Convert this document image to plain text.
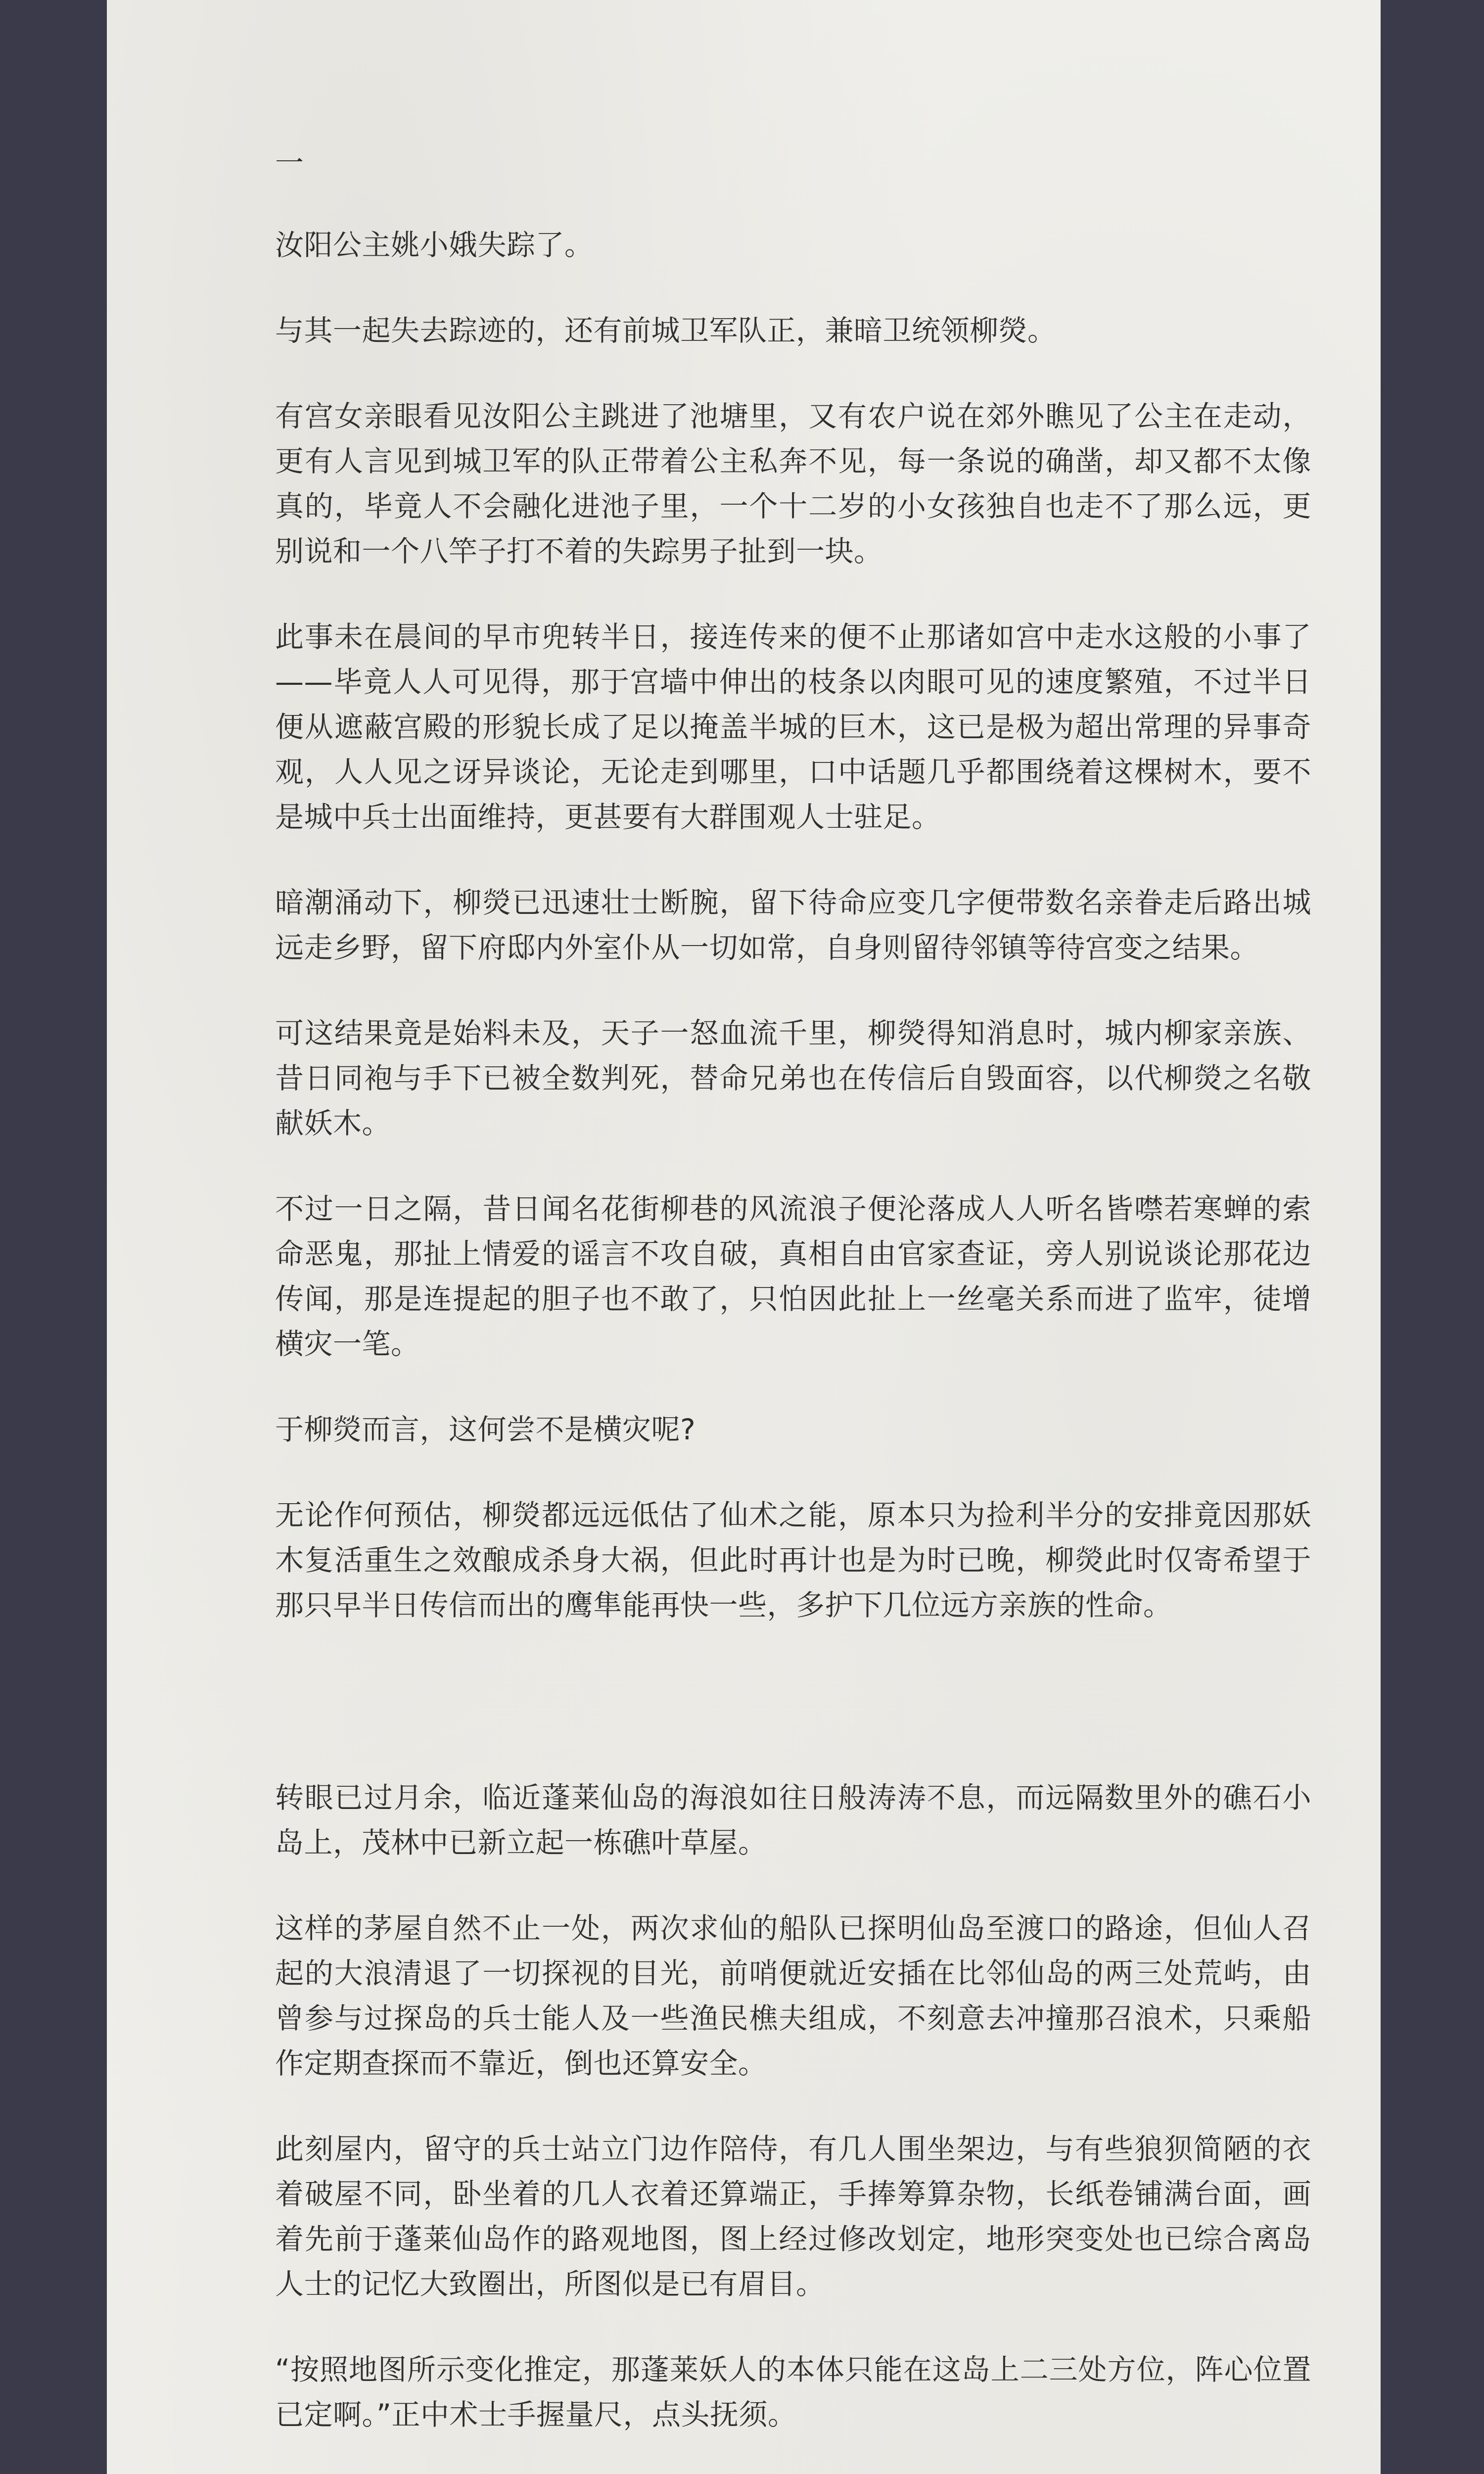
一

汝阳公主姚小娥失踪了。

与其一起失去踪迹的，还有前城卫军队正，兼暗卫统领柳熒。

有宫女亲眼看见汝阳公主跳进了池塘里，又有农户说在郊外瞧见了公主在走动，更有人言见到城卫军的队正带着公主私奔不见，每一条说的确凿，却又都不太像真的，毕竟人不会融化进池子里，一个十二岁的小女孩独自也走不了那么远，更别说和一个八竿子打不着的失踪男子扯到一块。

此事未在晨间的早市兜转半日，接连传来的便不止那诸如宫中走水这般的小事了——毕竟人人可见得，那于宫墙中伸出的枝条以肉眼可见的速度繁殖，不过半日便从遮蔽宫殿的形貌长成了足以掩盖半城的巨木，这已是极为超出常理的异事奇观，人人见之讶异谈论，无论走到哪里，口中话题几乎都围绕着这棵树木，要不是城中兵士出面维持，更甚要有大群围观人士驻足。

暗潮涌动下，柳熒已迅速壮士断腕，留下待命应变几字便带数名亲眷走后路出城远走乡野，留下府邸内外室仆从一切如常，自身则留待邻镇等待宫变之结果。

可这结果竟是始料未及，天子一怒血流千里，柳熒得知消息时，城内柳家亲族、昔日同袍与手下已被全数判死，替命兄弟也在传信后自毁面容，以代柳熒之名敬献妖木。

不过一日之隔，昔日闻名花街柳巷的风流浪子便沦落成人人听名皆噤若寒蝉的索命恶鬼，那扯上情爱的谣言不攻自破，真相自由官家查证，旁人别说谈论那花边传闻，那是连提起的胆子也不敢了，只怕因此扯上一丝毫关系而进了监牢，徒增横灾一笔。

于柳熒而言，这何尝不是横灾呢?

无论作何预估，柳熒都远远低估了仙术之能，原本只为捡利半分的安排竟因那妖木复活重生之效酿成杀身大祸，但此时再计也是为时已晚，柳熒此时仅寄希望于那只早半日传信而出的鹰隼能再快一些，多护下几位远方亲族的性命。

转眼已过月余，临近蓬莱仙岛的海浪如往日般涛涛不息，而远隔数里外的礁石小岛上，茂林中已新立起一栋礁叶草屋。

这样的茅屋自然不止一处，两次求仙的船队已探明仙岛至渡口的路途，但仙人召起的大浪清退了一切探视的目光，前哨便就近安插在比邻仙岛的两三处荒屿，由曾参与过探岛的兵士能人及一些渔民樵夫组成，不刻意去冲撞那召浪术，只乘船作定期查探而不靠近，倒也还算安全。

此刻屋内，留守的兵士站立门边作陪侍，有几人围坐架边，与有些狼狈简陋的衣着破屋不同，卧坐着的几人衣着还算端正，手捧筹算杂物，长纸卷铺满台面，画着先前于蓬莱仙岛作的路观地图，图上经过修改划定，地形突变处也已综合离岛人士的记忆大致圈出，所图似是已有眉目。

“按照地图所示变化推定，那蓬莱妖人的本体只能在这岛上二三处方位，阵心位置已定啊。”正中术士手握量尺，点头抚须。
